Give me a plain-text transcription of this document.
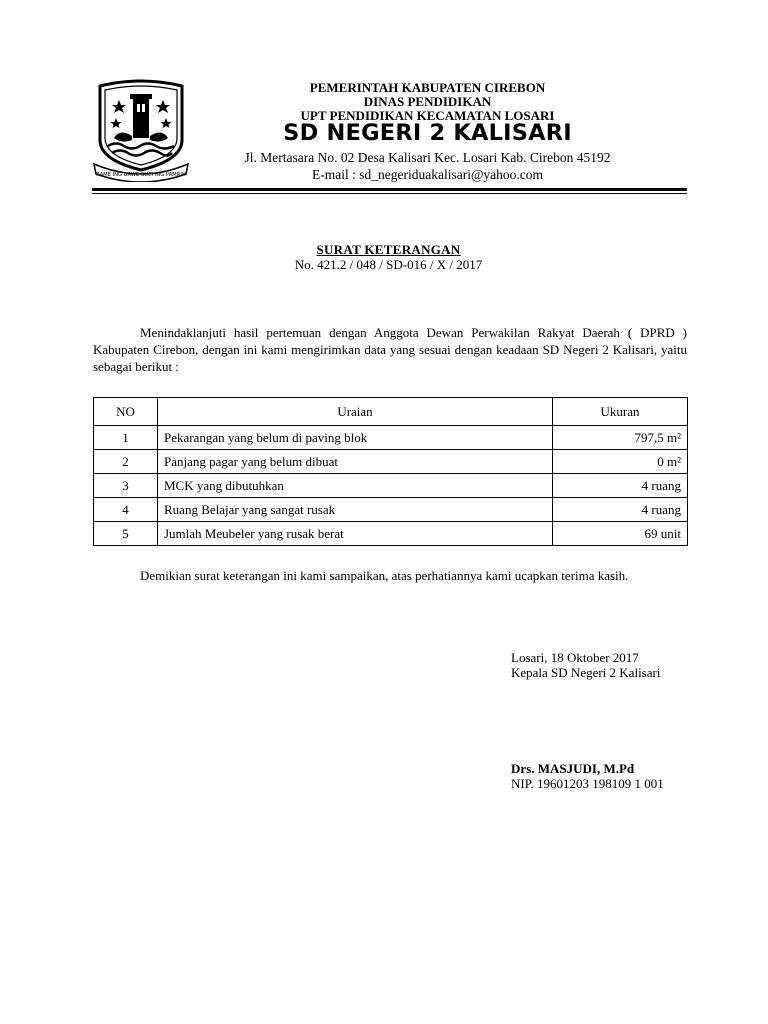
RAME ING GAWE SUCI ING PAMRIH
PEMERINTAH KABUPATEN CIREBON
DINAS PENDIDIKAN
UPT PENDIDIKAN KECAMATAN LOSARI
SD NEGERI 2 KALISARI
Jl. Mertasara No. 02 Desa Kalisari Kec. Losari Kab. Cirebon 45192
E-mail : sd_negeriduakalisari@yahoo.com
SURAT KETERANGAN
No. 421.2 / 048 / SD-016 / X / 2017

Menindaklanjuti hasil pertemuan dengan Anggota Dewan Perwakilan Rakyat Daerah ( DPRD ) Kabupaten Cirebon, dengan ini kami mengirimkan data yang sesuai dengan keadaan SD Negeri 2 Kalisari, yaitu sebagai berikut :

NO	Uraian	Ukuran
1	Pekarangan yang belum di paving blok	797,5 m²
2	Panjang pagar yang belum dibuat	0 m²
3	MCK yang dibutuhkan	4 ruang
4	Ruang Belajar yang sangat rusak	4 ruang
5	Jumlah Meubeler yang rusak berat	69 unit
Demikian surat keterangan ini kami sampaikan, atas perhatiannya kami ucapkan terima kasih.
Losari, 18 Oktober 2017
Kepala SD Negeri 2 Kalisari
Drs. MASJUDI, M.Pd
NIP. 19601203 198109 1 001
